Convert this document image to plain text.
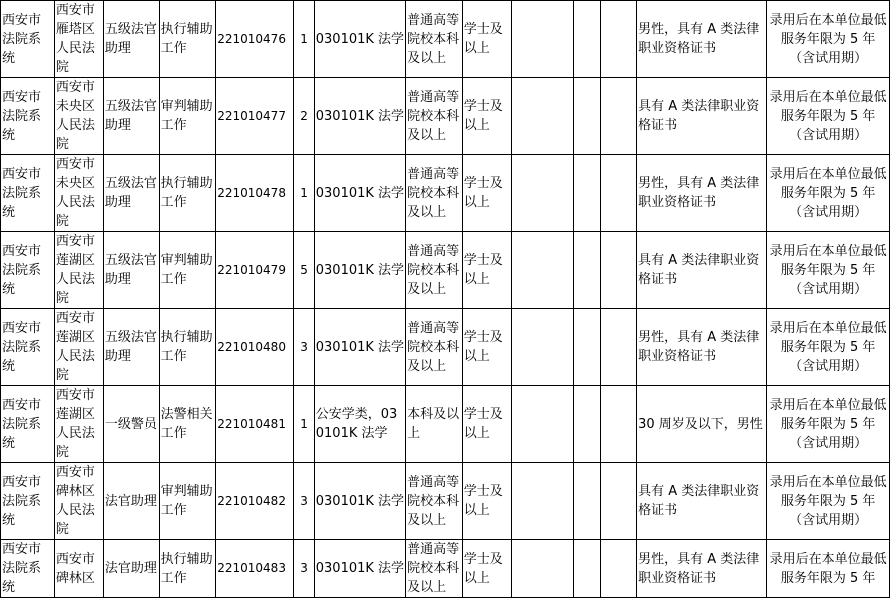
西安市法院系统	西安市雁塔区人民法院	五级法官助理	执行辅助工作	221010476	1	030101K 法学	普通高等院校本科及以上	学士及以上				男性，具有 A 类法律职业资格证书	录用后在本单位最低服务年限为 5 年（含试用期）
西安市法院系统	西安市未央区人民法院	五级法官助理	审判辅助工作	221010477	2	030101K 法学	普通高等院校本科及以上	学士及以上				具有 A 类法律职业资格证书	录用后在本单位最低服务年限为 5 年（含试用期）
西安市法院系统	西安市未央区人民法院	五级法官助理	执行辅助工作	221010478	1	030101K 法学	普通高等院校本科及以上	学士及以上				男性，具有 A 类法律职业资格证书	录用后在本单位最低服务年限为 5 年（含试用期）
西安市法院系统	西安市莲湖区人民法院	五级法官助理	审判辅助工作	221010479	5	030101K 法学	普通高等院校本科及以上	学士及以上				具有 A 类法律职业资格证书	录用后在本单位最低服务年限为 5 年（含试用期）
西安市法院系统	西安市莲湖区人民法院	五级法官助理	执行辅助工作	221010480	3	030101K 法学	普通高等院校本科及以上	学士及以上				男性，具有 A 类法律职业资格证书	录用后在本单位最低服务年限为 5 年（含试用期）
西安市法院系统	西安市莲湖区人民法院	一级警员	法警相关工作	221010481	1	公安学类，030101K 法学	本科及以上	学士及以上				30 周岁及以下，男性	录用后在本单位最低服务年限为 5 年（含试用期）
西安市法院系统	西安市碑林区人民法院	法官助理	审判辅助工作	221010482	3	030101K 法学	普通高等院校本科及以上	学士及以上				具有 A 类法律职业资格证书	录用后在本单位最低服务年限为 5 年（含试用期）
西安市法院系统	西安市碑林区	法官助理	执行辅助工作	221010483	3	030101K 法学	普通高等院校本科及以上	学士及以上				男性，具有 A 类法律职业资格证书	录用后在本单位最低服务年限为 5 年
